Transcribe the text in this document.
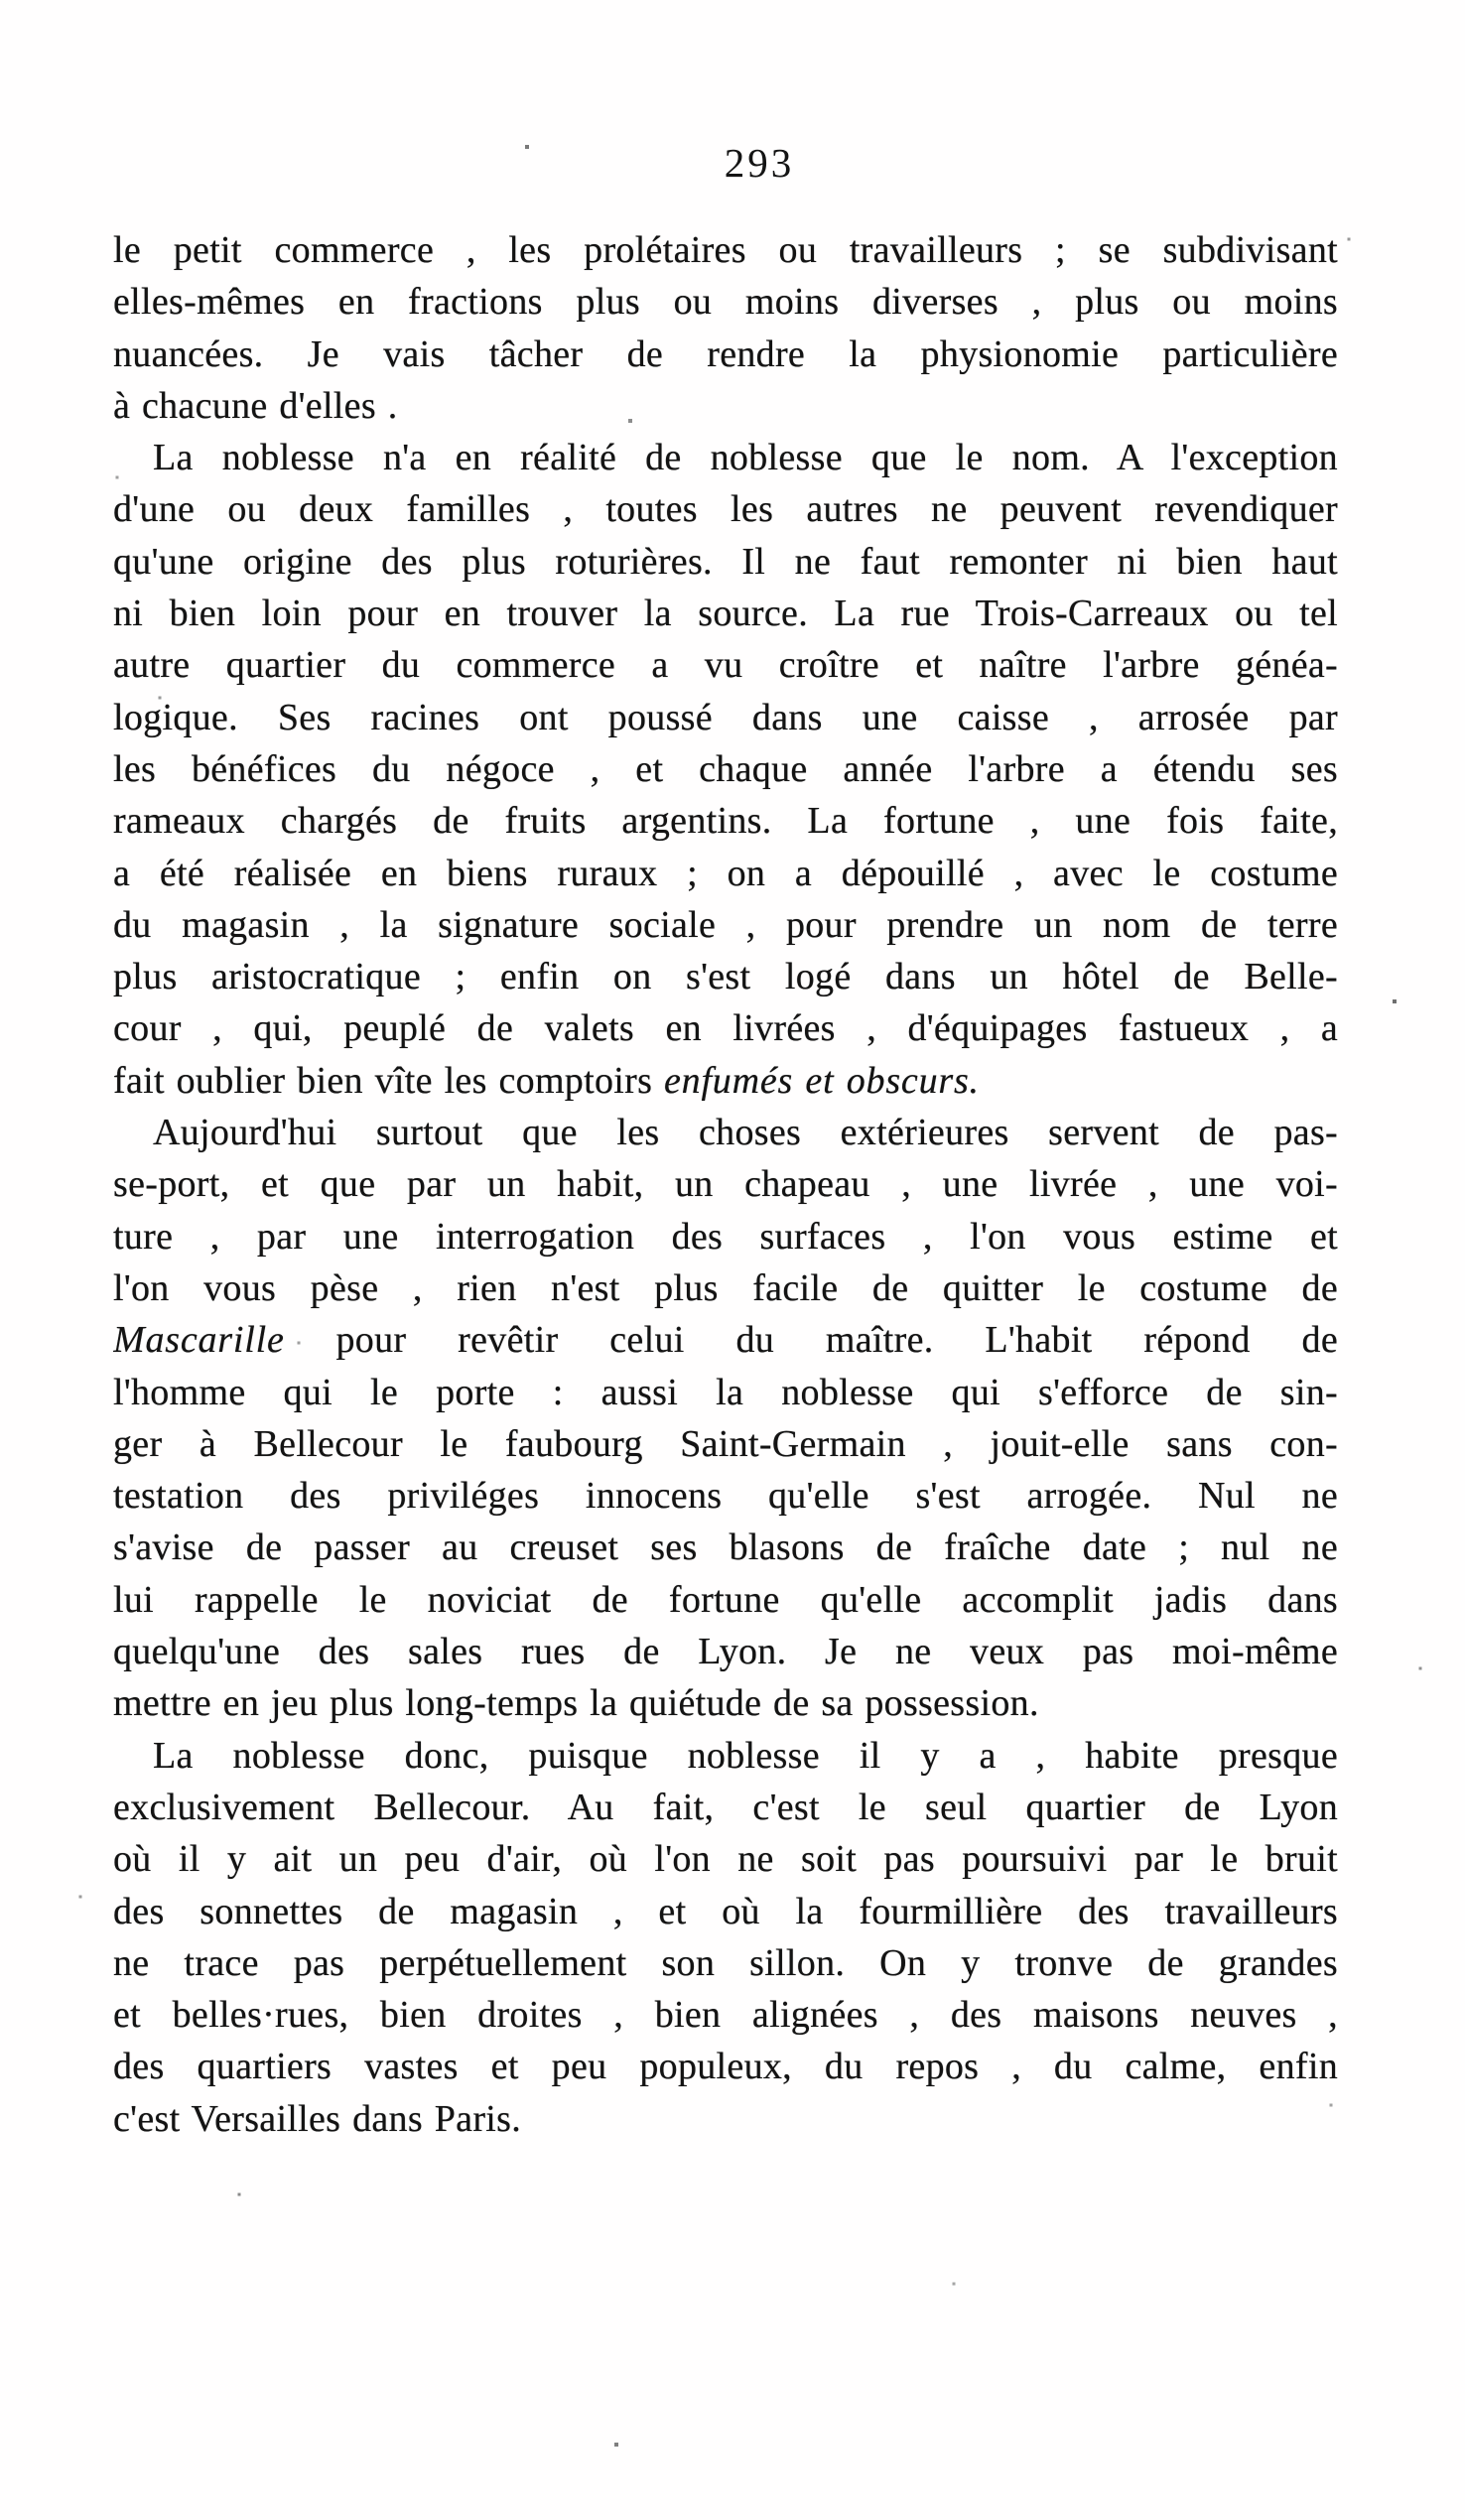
293
le petit commerce , les prolétaires ou travailleurs ; se subdivisant
elles-mêmes en fractions plus ou moins diverses , plus ou moins
nuancées. Je vais tâcher de rendre la physionomie particulière
à chacune d'elles .
La noblesse n'a en réalité de noblesse que le nom. A l'exception
d'une ou deux familles , toutes les autres ne peuvent revendiquer
qu'une origine des plus roturières. Il ne faut remonter ni bien haut
ni bien loin pour en trouver la source. La rue Trois-Carreaux ou tel
autre quartier du commerce a vu croître et naître l'arbre généa-
logique. Ses racines ont poussé dans une caisse , arrosée par
les bénéfices du négoce , et chaque année l'arbre a étendu ses
rameaux chargés de fruits argentins. La fortune , une fois faite,
a été réalisée en biens ruraux ; on a dépouillé , avec le costume
du magasin , la signature sociale , pour prendre un nom de terre
plus aristocratique ; enfin on s'est logé dans un hôtel de Belle-
cour , qui, peuplé de valets en livrées , d'équipages fastueux , a
fait oublier bien vîte les comptoirs enfumés et obscurs.
Aujourd'hui surtout que les choses extérieures servent de pas-
se-port, et que par un habit, un chapeau , une livrée , une voi-
ture , par une interrogation des surfaces , l'on vous estime et
l'on vous pèse , rien n'est plus facile de quitter le costume de
Mascarille pour revêtir celui du maître. L'habit répond de
l'homme qui le porte : aussi la noblesse qui s'efforce de sin-
ger à Bellecour le faubourg Saint-Germain , jouit-elle sans con-
testation des priviléges innocens qu'elle s'est arrogée. Nul ne
s'avise de passer au creuset ses blasons de fraîche date ; nul ne
lui rappelle le noviciat de fortune qu'elle accomplit jadis dans
quelqu'une des sales rues de Lyon. Je ne veux pas moi-même
mettre en jeu plus long-temps la quiétude de sa possession.
La noblesse donc, puisque noblesse il y a , habite presque
exclusivement Bellecour. Au fait, c'est le seul quartier de Lyon
où il y ait un peu d'air, où l'on ne soit pas poursuivi par le bruit
des sonnettes de magasin , et où la fourmillière des travailleurs
ne trace pas perpétuellement son sillon. On y tronve de grandes
et belles·rues, bien droites , bien alignées , des maisons neuves ,
des quartiers vastes et peu populeux, du repos , du calme, enfin
c'est Versailles dans Paris.
